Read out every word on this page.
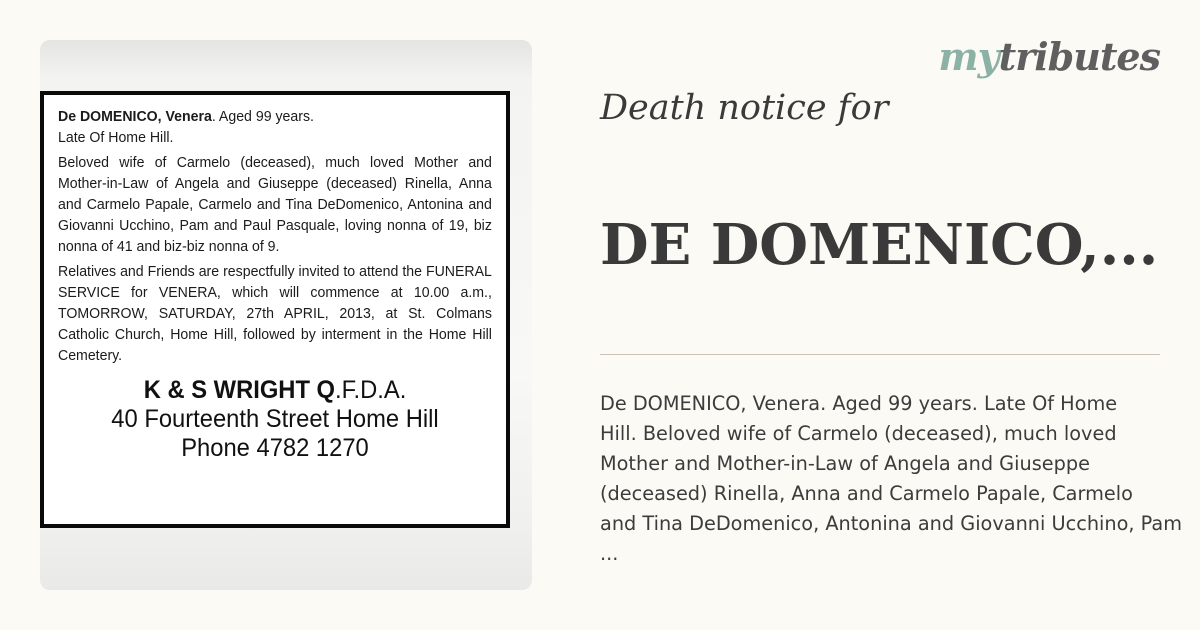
De DOMENICO, Venera. Aged 99 years.

Late Of Home Hill.

Beloved wife of Carmelo (deceased), much loved Mother and Mother-in-Law of Angela and Giuseppe (deceased) Rinella, Anna and Carmelo Papale, Carmelo and Tina DeDomenico, Antonina and Giovanni Ucchino, Pam and Paul Pasquale, loving nonna of 19, biz nonna of 41 and biz-biz nonna of 9.

Relatives and Friends are respectfully invited to attend the FUNERAL SERVICE for VENERA, which will commence at 10.00 a.m., TOMORROW, SATURDAY, 27th APRIL, 2013, at St. Colmans Catholic Church, Home Hill, followed by interment in the Home Hill Cemetery.

K & S WRIGHT Q.F.D.A.
40 Fourteenth Street Home Hill
Phone 4782 1270
mytributes
Death notice for
DE DOMENICO,...
De DOMENICO, Venera. Aged 99 years. Late Of Home
Hill. Beloved wife of Carmelo (deceased), much loved
Mother and Mother-in-Law of Angela and Giuseppe
(deceased) Rinella, Anna and Carmelo Papale, Carmelo
and Tina DeDomenico, Antonina and Giovanni Ucchino, Pam
...
